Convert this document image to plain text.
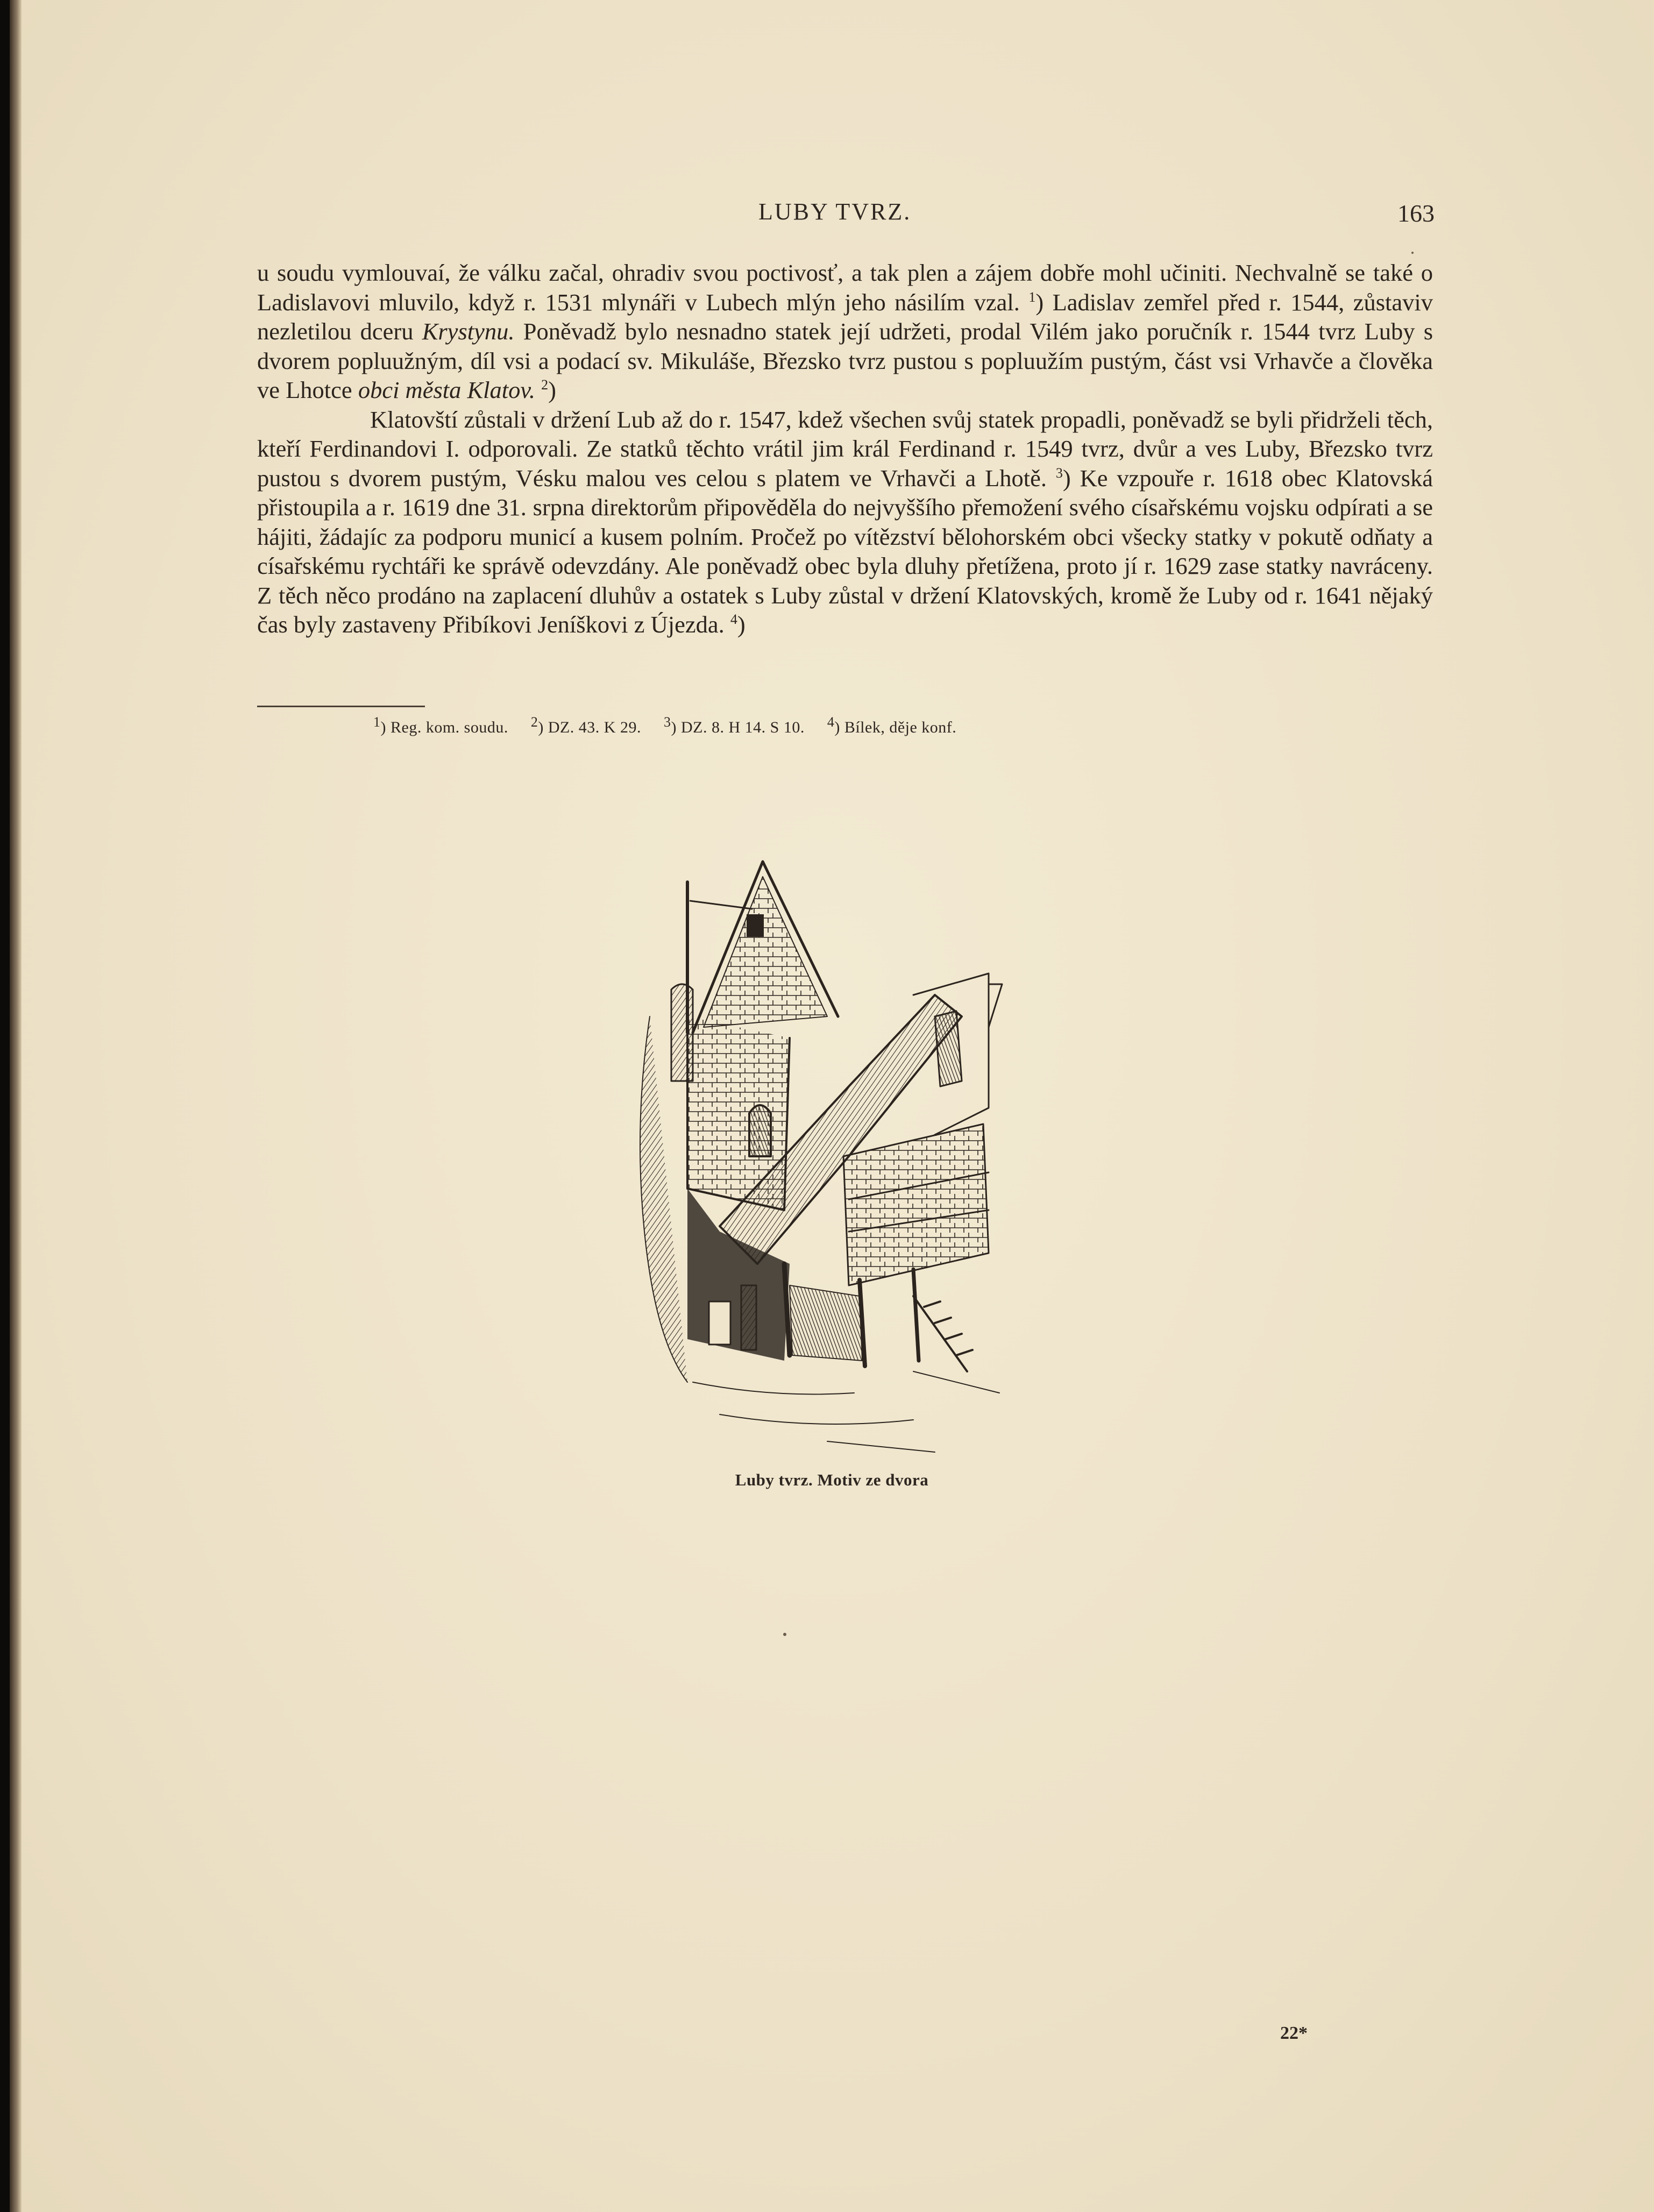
LUBY TVRZ.	163

u soudu vymlouvaí, že válku začal, ohradiv svou poctivosť, a tak plen a zájem dobře mohl učiniti. Nechvalně se také o Ladislavovi mluvilo, když r. 1531 mlynáři v Lubech mlýn jeho násilím vzal. $^1$) Ladislav zemřel před r. 1544, zůstaviv nezletilou dceru Krystynu. Poněvadž bylo nesnadno statek její udržeti, prodal Vilém jako poručník r. 1544 tvrz Luby s dvorem popluužným, díl vsi a podací sv. Mikuláše, Březsko tvrz pustou s popluužím pustým, část vsi Vrhavče a člověka ve Lhotce obci města Klatov. $^2$)

Klatovští zůstali v držení Lub až do r. 1547, kdež všechen svůj statek propadli, poněvadž se byli přidrželi těch, kteří Ferdinandovi I. odporovali. Ze statků těchto vrátil jim král Ferdinand r. 1549 tvrz, dvůr a ves Luby, Březsko tvrz pustou s dvorem pustým, Vésku malou ves celou s platem ve Vrhavči a Lhotě. $^3$) Ke vzpouře r. 1618 obec Klatovská přistoupila a r. 1619 dne 31. srpna direktorům připověděla do nejvyššího přemožení svého císařskému vojsku odpírati a se hájiti, žádajíc za podporu municí a kusem polním. Pročež po vítězství bělohorském obci všecky statky v pokutě odňaty a císařskému rychtáři ke správě odevzdány. Ale poněvadž obec byla dluhy přetížena, proto jí r. 1629 zase statky navráceny. Z těch něco prodáno na zaplacení dluhův a ostatek s Luby zůstal v držení Klatovských, kromě že Luby od r. 1641 nějaký čas byly zastaveny Přibíkovi Jeníškovi z Újezda. $^4$)

$^1$) Reg. kom. soudu. $^2$) DZ. 43. K 29. $^3$) DZ. 8. H 14. S 10. $^4$) Bílek, děje konf.
Luby tvrz. Motiv ze dvora
22*
